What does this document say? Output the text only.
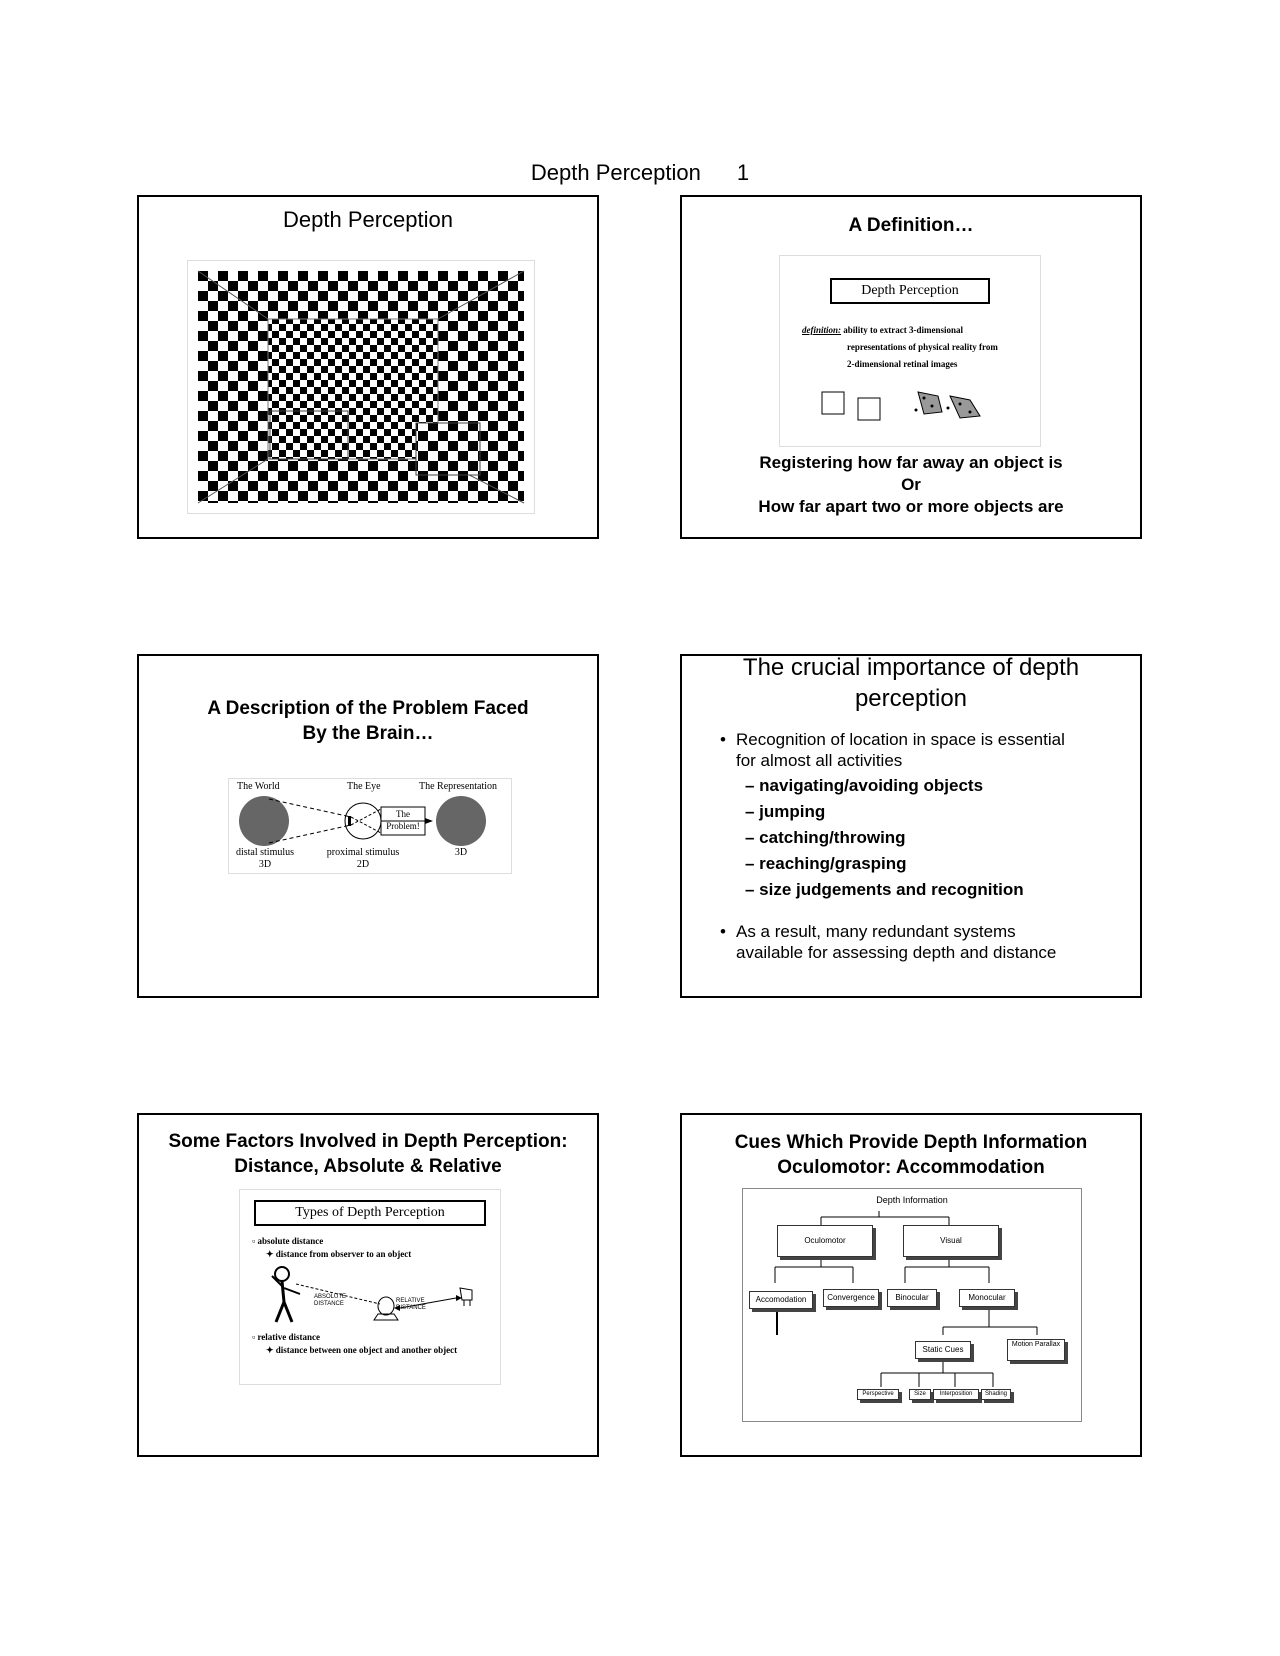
Depth Perception 1
Depth Perception	A Definition…
Depth Perception
definition: ability to extract 3-dimensional
representations of physical reality from
2-dimensional retinal images
Registering how far away an object is
Or
How far apart two or more objects are
A Description of the Problem Faced
By the Brain…
The World	The Eye	The Representation
The
Problem!
distal stimulus
3D
proximal stimulus
2D
3D
The crucial importance of depth
perception
• Recognition of location in space is essential
for almost all activities
– navigating/avoiding objects
– jumping
– catching/throwing
– reaching/grasping
– size judgements and recognition
• As a result, many redundant systems
available for assessing depth and distance
Some Factors Involved in Depth Perception:
Distance, Absolute & Relative
Types of Depth Perception
▫ absolute distance
✦ distance from observer to an object
ABSOLUTE
DISTANCE	RELATIVE
DISTANCE
▫ relative distance
✦ distance between one object and another object
Cues Which Provide Depth Information
Oculomotor: Accommodation
Depth Information
Oculomotor	Visual
Accomodation	Convergence	Binocular	Monocular
Static Cues
Motion Parallax
Perspective	Size	Interposition	Shading
